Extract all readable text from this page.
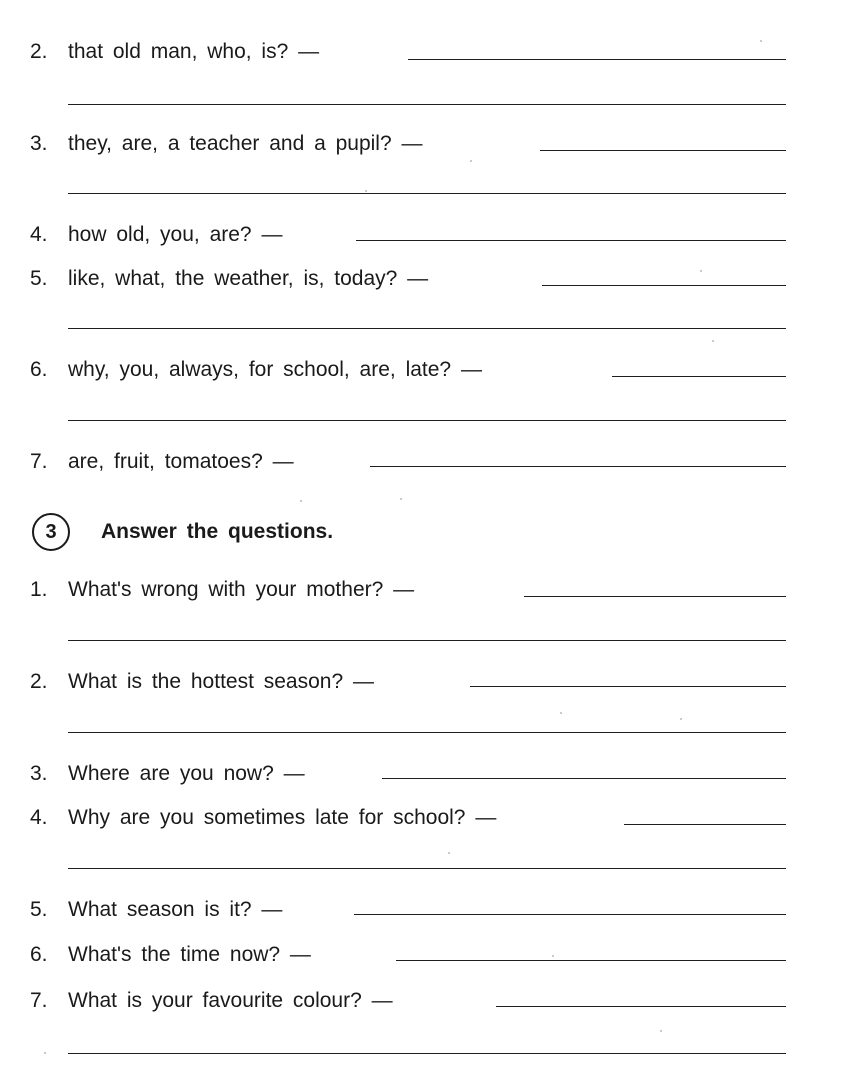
2. that old man, who, is? —
3. they, are, a teacher and a pupil? —
4. how old, you, are? —
5. like, what, the weather, is, today? —
6. why, you, always, for school, are, late? —
7. are, fruit, tomatoes? —
3	Answer the questions.
1. What's wrong with your mother? —
2. What is the hottest season? —
3. Where are you now? —
4. Why are you sometimes late for school? —
5. What season is it? —
6. What's the time now? —
7. What is your favourite colour? —
